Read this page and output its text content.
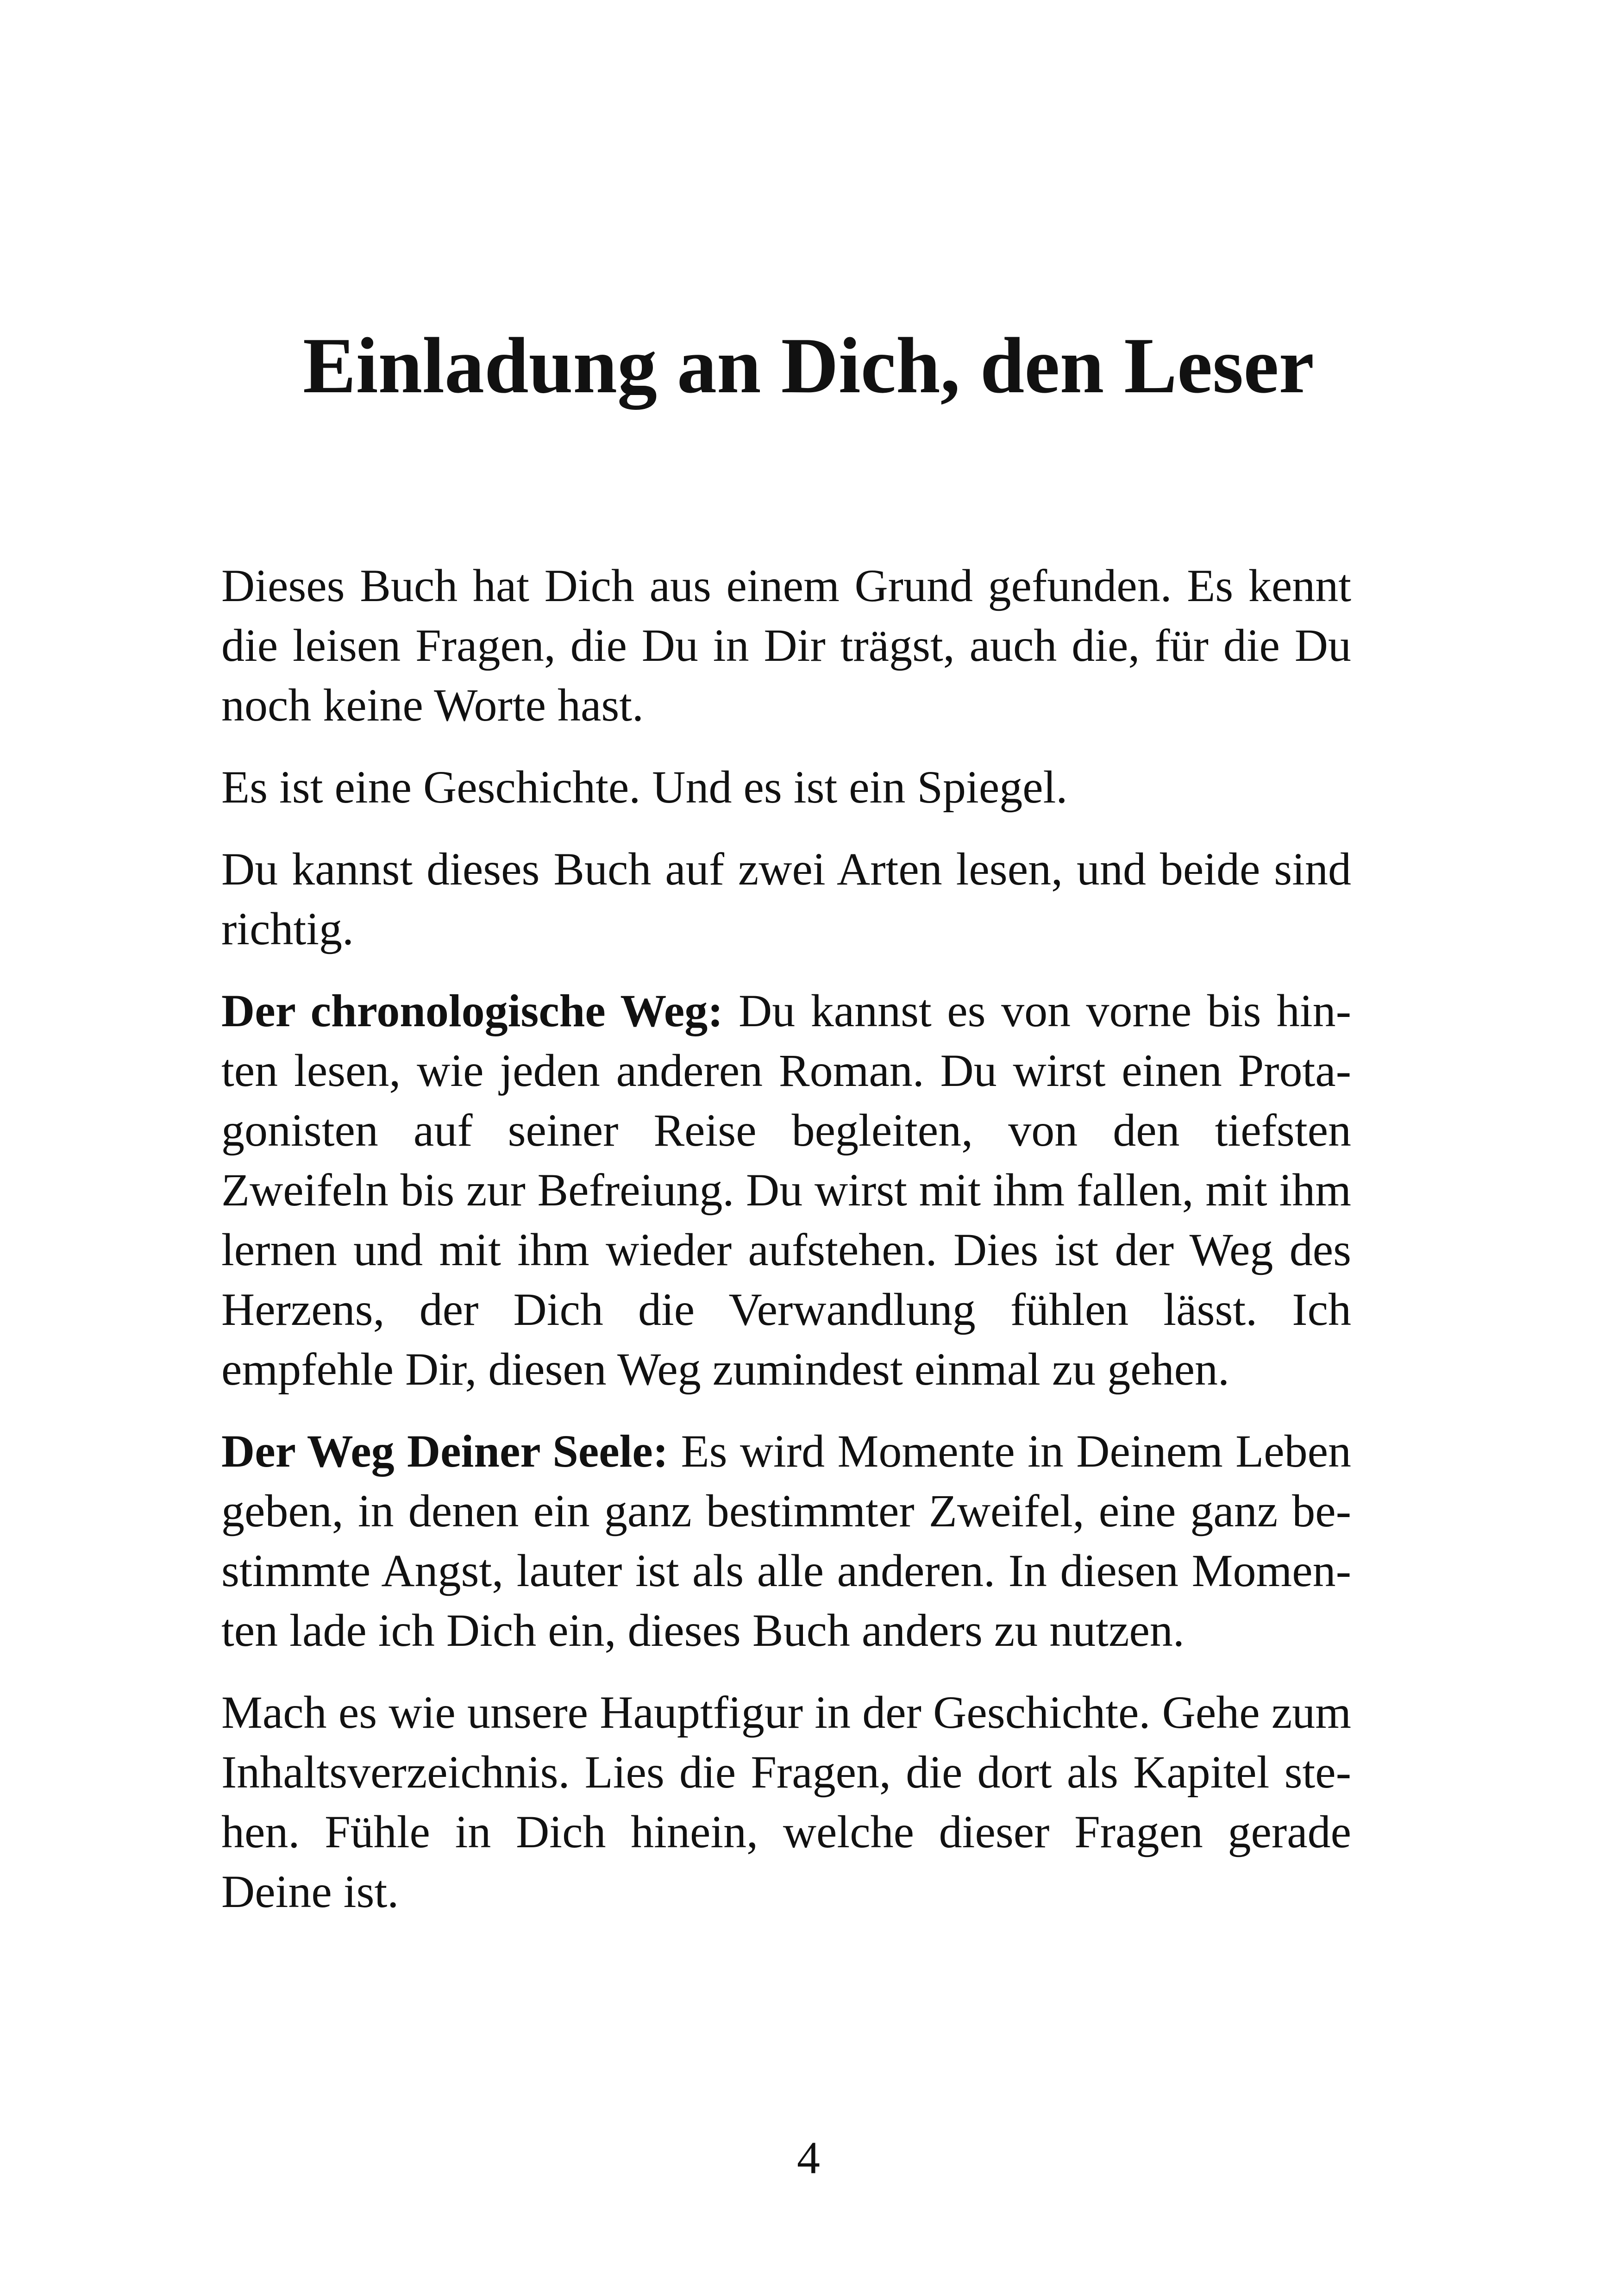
Einladung an Dich, den Leser

Dieses Buch hat Dich aus einem Grund gefunden. Es kennt die leisen Fragen, die Du in Dir trägst, auch die, für die Du noch keine Worte hast.

Es ist eine Geschichte. Und es ist ein Spiegel.

Du kannst dieses Buch auf zwei Arten lesen, und beide sind richtig.

Der chronologische Weg: Du kannst es von vorne bis hinten lesen, wie jeden anderen Roman. Du wirst einen Protagonisten auf seiner Reise begleiten, von den tiefsten Zweifeln bis zur Befreiung. Du wirst mit ihm fallen, mit ihm lernen und mit ihm wieder aufstehen. Dies ist der Weg des Herzens, der Dich die Verwandlung fühlen lässt. Ich empfehle Dir, diesen Weg zumindest einmal zu gehen.

Der Weg Deiner Seele: Es wird Momente in Deinem Leben geben, in denen ein ganz bestimmter Zweifel, eine ganz bestimmte Angst, lauter ist als alle anderen. In diesen Momenten lade ich Dich ein, dieses Buch anders zu nutzen.

Mach es wie unsere Hauptfigur in der Geschichte. Gehe zum Inhaltsverzeichnis. Lies die Fragen, die dort als Kapitel stehen. Fühle in Dich hinein, welche dieser Fragen gerade Deine ist.

4
